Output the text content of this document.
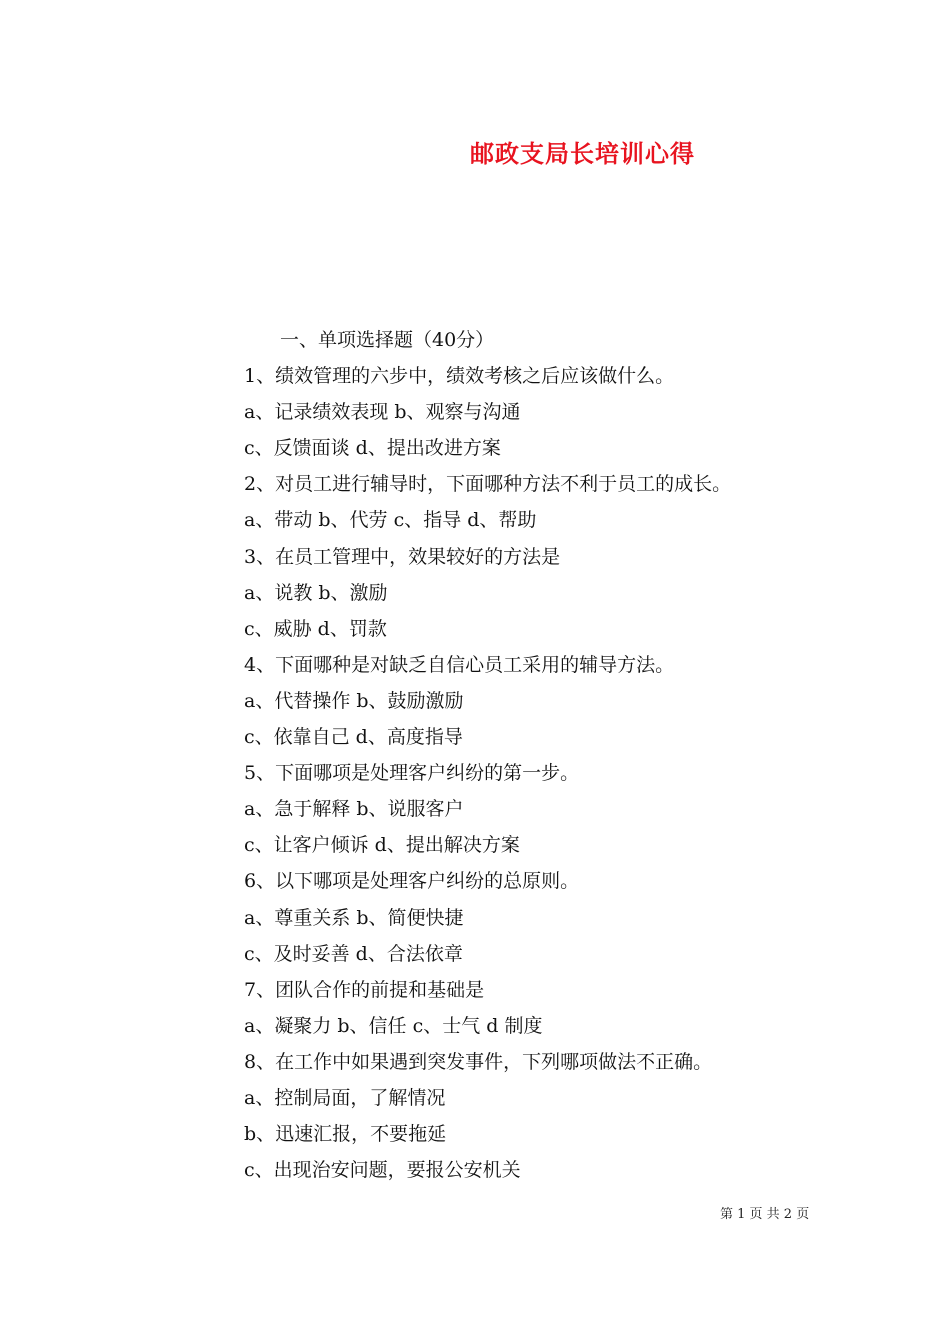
邮政支局长培训心得
一、单项选择题（40分）
1、绩效管理的六步中，绩效考核之后应该做什么。
a、记录绩效表现 b、观察与沟通
c、反馈面谈 d、提出改进方案
2、对员工进行辅导时，下面哪种方法不利于员工的成长。
a、带动 b、代劳 c、指导 d、帮助
3、在员工管理中，效果较好的方法是
a、说教 b、激励
c、威胁 d、罚款
4、下面哪种是对缺乏自信心员工采用的辅导方法。
a、代替操作 b、鼓励激励
c、依靠自己 d、高度指导
5、下面哪项是处理客户纠纷的第一步。
a、急于解释 b、说服客户
c、让客户倾诉 d、提出解决方案
6、以下哪项是处理客户纠纷的总原则。
a、尊重关系 b、简便快捷
c、及时妥善 d、合法依章
7、团队合作的前提和基础是
a、凝聚力 b、信任 c、士气 d 制度
8、在工作中如果遇到突发事件，下列哪项做法不正确。
a、控制局面，了解情况
b、迅速汇报，不要拖延
c、出现治安问题，要报公安机关
第 1 页 共 2 页
